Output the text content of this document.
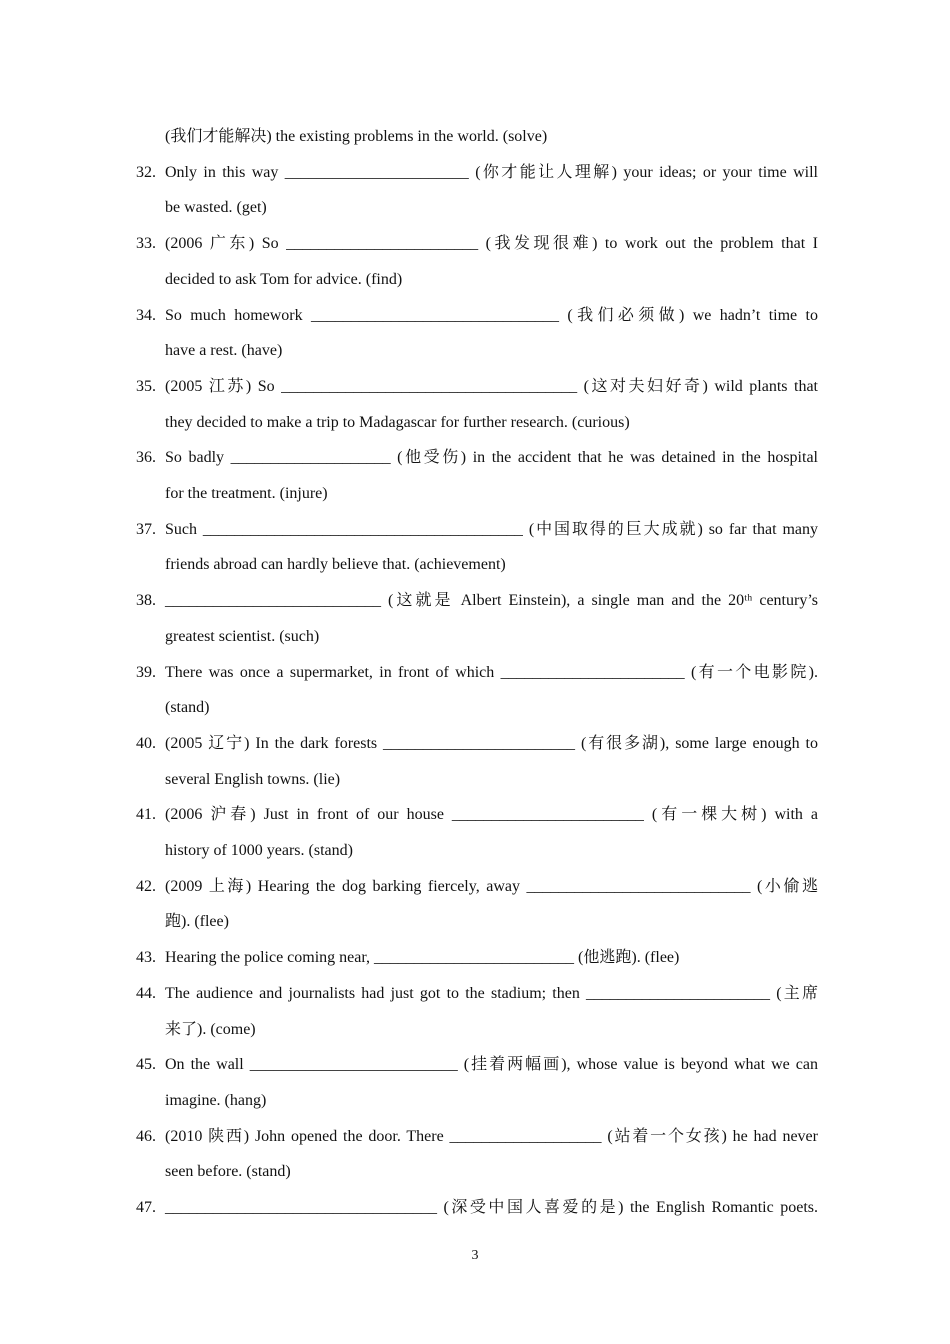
(我们才能解决) the existing problems in the world. (solve)
32. Only in this way _______________________ (你才能让人理解) your ideas; or your time will
be wasted. (get)
33. (2006 广东) So ________________________ (我发现很难) to work out the problem that I
decided to ask Tom for advice. (find)
34. So much homework _______________________________ (我们必须做) we hadn’t time to
have a rest. (have)
35. (2005 江苏) So _____________________________________ (这对夫妇好奇) wild plants that
they decided to make a trip to Madagascar for further research. (curious)
36. So badly ____________________ (他受伤) in the accident that he was detained in the hospital
for the treatment. (injure)
37. Such ________________________________________ (中国取得的巨大成就) so far that many
friends abroad can hardly believe that. (achievement)
38. ___________________________ (这就是 Albert Einstein), a single man and the 20ᵗʰ century’s
greatest scientist. (such)
39. There was once a supermarket, in front of which _______________________ (有一个电影院).
(stand)
40. (2005 辽宁) In the dark forests ________________________ (有很多湖), some large enough to
several English towns. (lie)
41. (2006 沪春) Just in front of our house ________________________ (有一棵大树) with a
history of 1000 years. (stand)
42. (2009 上海) Hearing the dog barking fiercely, away ____________________________ (小偷逃
跑). (flee)
43. Hearing the police coming near, _________________________ (他逃跑). (flee)
44. The audience and journalists had just got to the stadium; then _______________________ (主席
来了). (come)
45. On the wall __________________________ (挂着两幅画), whose value is beyond what we can
imagine. (hang)
46. (2010 陕西) John opened the door. There ___________________ (站着一个女孩) he had never
seen before. (stand)
47. __________________________________ (深受中国人喜爱的是) the English Romantic poets.
3
